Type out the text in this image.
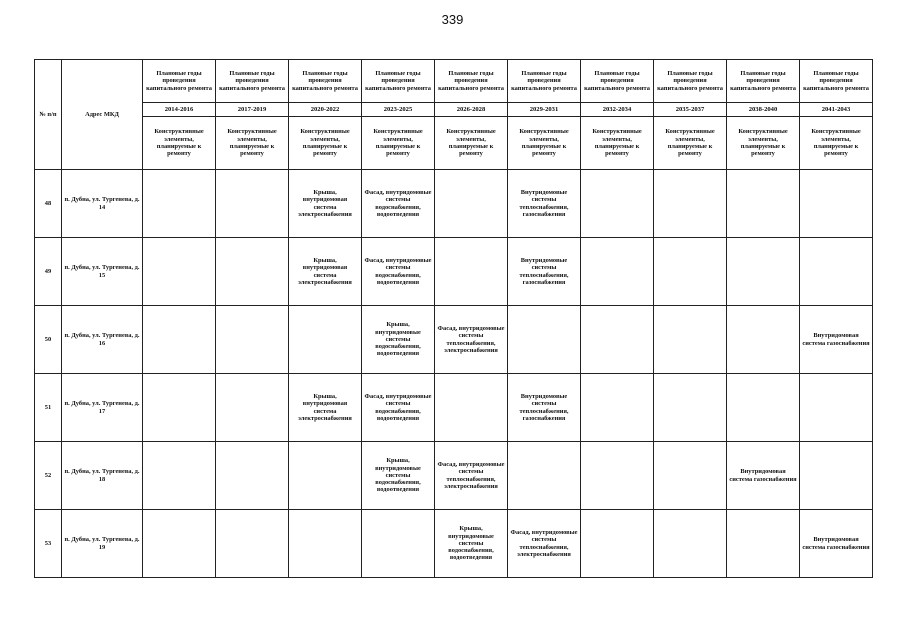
339
№ п/п	Адрес МКД	Плановые годы проведения капитального ремонта	Плановые годы проведения капитального ремонта	Плановые годы проведения капитального ремонта	Плановые годы проведения капитального ремонта	Плановые годы проведения капитального ремонта	Плановые годы проведения капитального ремонта	Плановые годы проведения капитального ремонта	Плановые годы проведения капитального ремонта	Плановые годы проведения капитального ремонта	Плановые годы проведения капитального ремонта
		2014-2016	2017-2019	2020-2022	2023-2025	2026-2028	2029-2031	2032-2034	2035-2037	2038-2040	2041-2043
		Конструктивные элементы, планируемые к ремонту	Конструктивные элементы, планируемые к ремонту	Конструктивные элементы, планируемые к ремонту	Конструктивные элементы, планируемые к ремонту	Конструктивные элементы, планируемые к ремонту	Конструктивные элементы, планируемые к ремонту	Конструктивные элементы, планируемые к ремонту	Конструктивные элементы, планируемые к ремонту	Конструктивные элементы, планируемые к ремонту	Конструктивные элементы, планируемые к ремонту
48	п. Дубна, ул. Тургенева, д. 14			Крыша, внутридомовая система электроснабжения	Фасад, внутридомовые системы водоснабжения, водоотведения		Внутридомовые системы теплоснабжения, газоснабжения				
49	п. Дубна, ул. Тургенева, д. 15			Крыша, внутридомовая система электроснабжения	Фасад, внутридомовые системы водоснабжения, водоотведения		Внутридомовые системы теплоснабжения, газоснабжения				
50	п. Дубна, ул. Тургенева, д. 16				Крыша, внутридомовые системы водоснабжения, водоотведения	Фасад, внутридомовые системы теплоснабжения, электроснабжения					Внутридомовая система газоснабжения
51	п. Дубна, ул. Тургенева, д. 17			Крыша, внутридомовая система электроснабжения	Фасад, внутридомовые системы водоснабжения, водоотведения		Внутридомовые системы теплоснабжения, газоснабжения				
52	п. Дубна, ул. Тургенева, д. 18				Крыша, внутридомовые системы водоснабжения, водоотведения	Фасад, внутридомовые системы теплоснабжения, электроснабжения				Внутридомовая система газоснабжения	
53	п. Дубна, ул. Тургенева, д. 19					Крыша, внутридомовые системы водоснабжения, водоотведения	Фасад, внутридомовые системы теплоснабжения, электроснабжения				Внутридомовая система газоснабжения
